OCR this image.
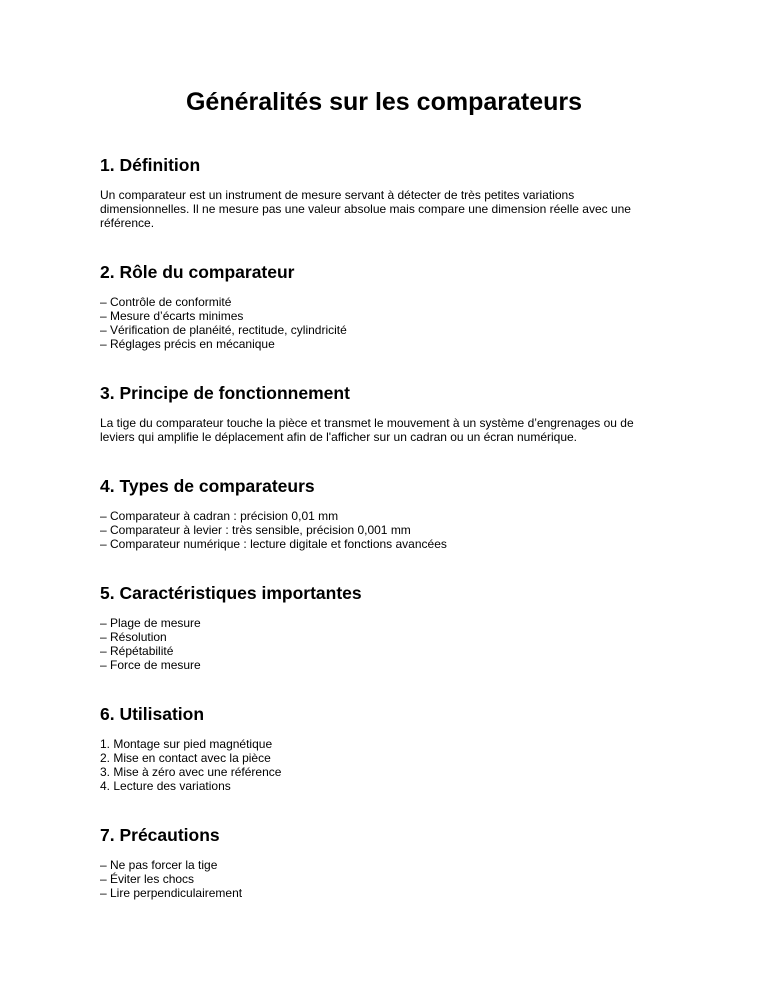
Généralités sur les comparateurs
1. Définition

Un comparateur est un instrument de mesure servant à détecter de très petites variations dimensionnelles. Il ne mesure pas une valeur absolue mais compare une dimension réelle avec une référence.

2. Rôle du comparateur

– Contrôle de conformité

– Mesure d’écarts minimes

– Vérification de planéité, rectitude, cylindricité

– Réglages précis en mécanique

3. Principe de fonctionnement

La tige du comparateur touche la pièce et transmet le mouvement à un système d’engrenages ou de leviers qui amplifie le déplacement afin de l'afficher sur un cadran ou un écran numérique.

4. Types de comparateurs

– Comparateur à cadran : précision 0,01 mm

– Comparateur à levier : très sensible, précision 0,001 mm

– Comparateur numérique : lecture digitale et fonctions avancées

5. Caractéristiques importantes

– Plage de mesure

– Résolution

– Répétabilité

– Force de mesure

6. Utilisation

1. Montage sur pied magnétique

2. Mise en contact avec la pièce

3. Mise à zéro avec une référence

4. Lecture des variations

7. Précautions

– Ne pas forcer la tige

– Éviter les chocs

– Lire perpendiculairement
